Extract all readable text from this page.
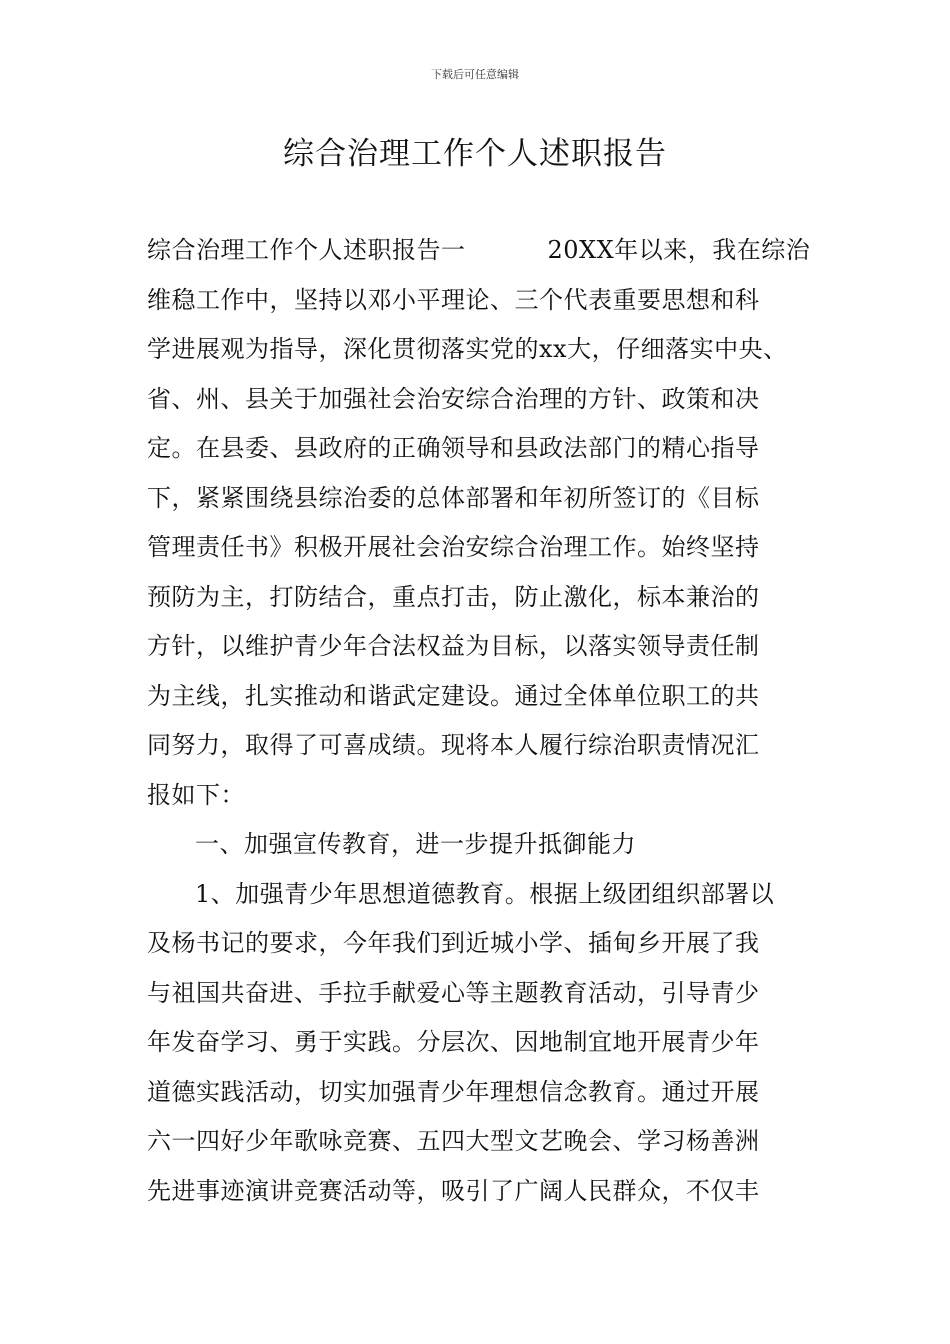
下载后可任意编辑
综合治理工作个人述职报告
综合治理工作个人述职报告一	20XX年以来，我在综治
维稳工作中，坚持以邓小平理论、三个代表重要思想和科
学进展观为指导，深化贯彻落实党的xx大，仔细落实中央、
省、州、县关于加强社会治安综合治理的方针、政策和决
定。在县委、县政府的正确领导和县政法部门的精心指导
下，紧紧围绕县综治委的总体部署和年初所签订的《目标
管理责任书》积极开展社会治安综合治理工作。始终坚持
预防为主，打防结合，重点打击，防止激化，标本兼治的
方针，以维护青少年合法权益为目标，以落实领导责任制
为主线，扎实推动和谐武定建设。通过全体单位职工的共
同努力，取得了可喜成绩。现将本人履行综治职责情况汇
报如下：
一、加强宣传教育，进一步提升抵御能力
1、加强青少年思想道德教育。根据上级团组织部署以
及杨书记的要求，今年我们到近城小学、插甸乡开展了我
与祖国共奋进、手拉手献爱心等主题教育活动，引导青少
年发奋学习、勇于实践。分层次、因地制宜地开展青少年
道德实践活动，切实加强青少年理想信念教育。通过开展
六一四好少年歌咏竞赛、五四大型文艺晚会、学习杨善洲
先进事迹演讲竞赛活动等，吸引了广阔人民群众，不仅丰
